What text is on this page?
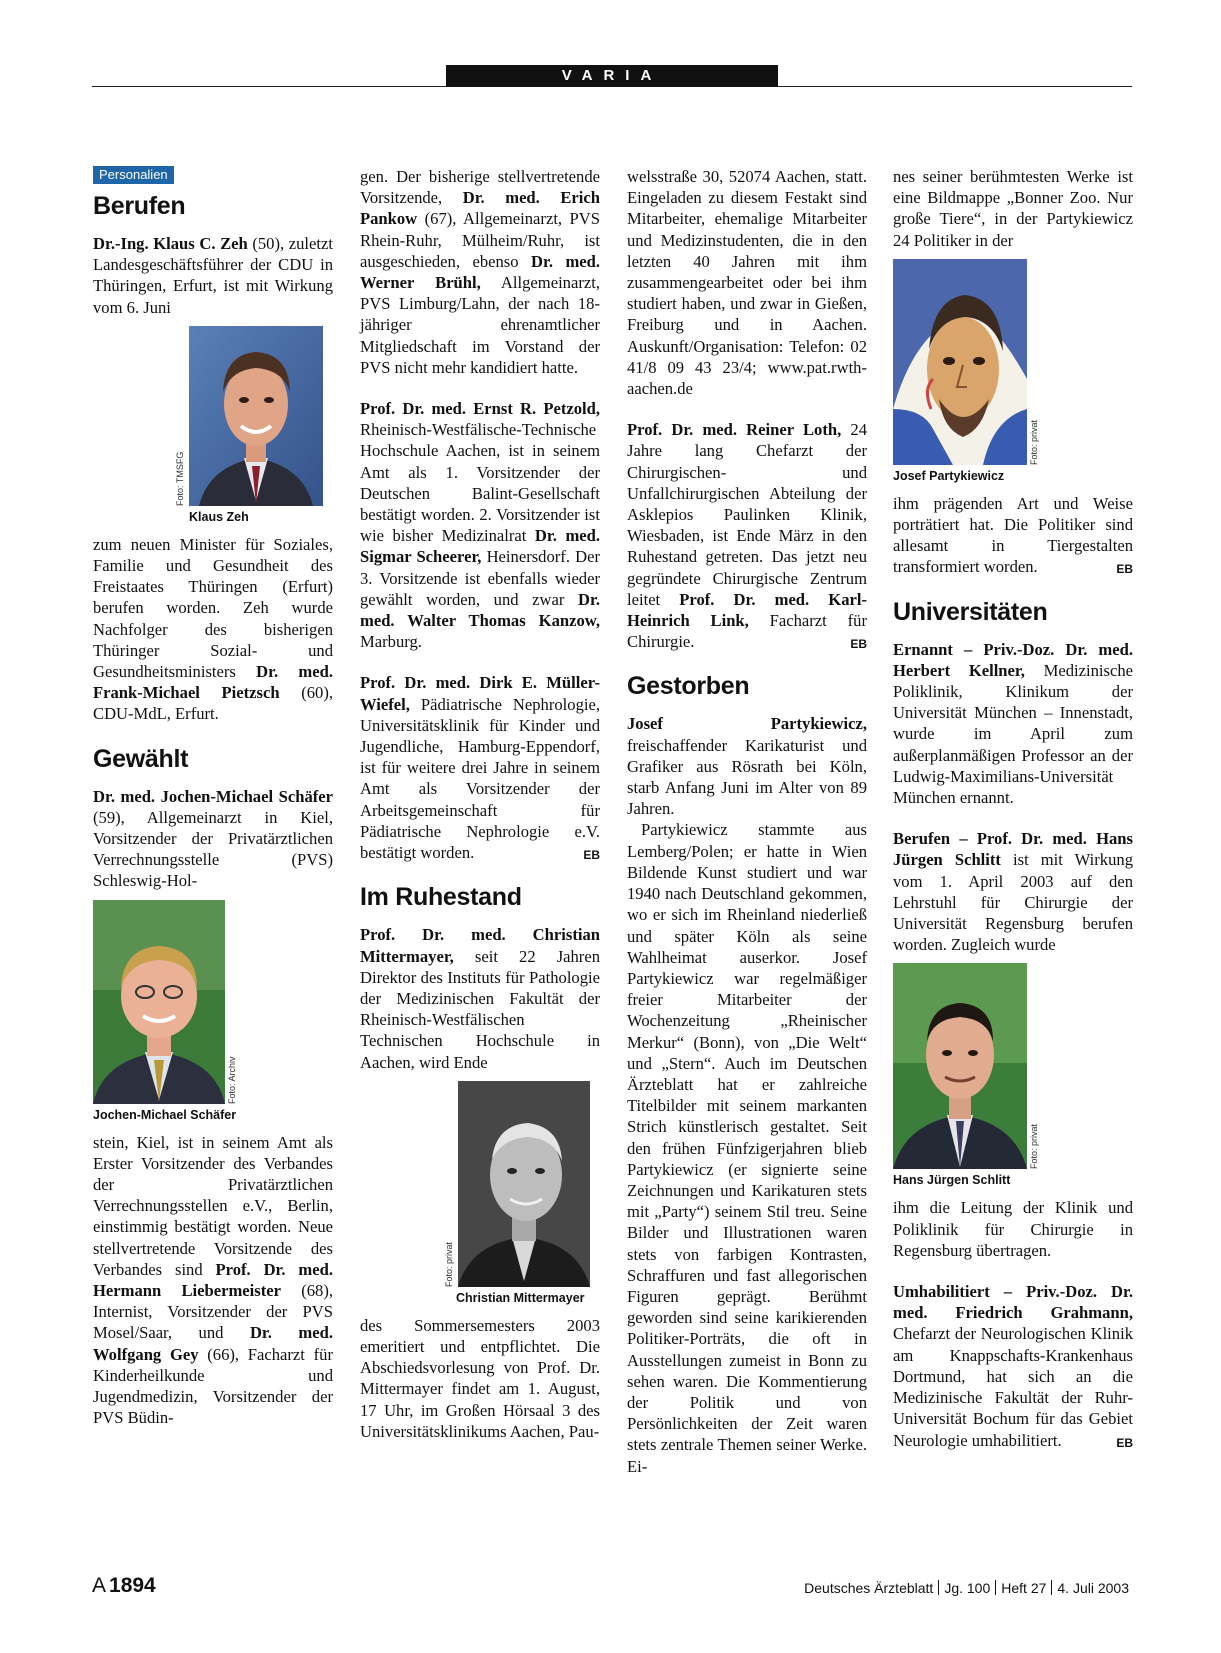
VARIA
Personalien
Berufen

Dr.-Ing. Klaus C. Zeh (50), zuletzt Landesgeschäftsführer der CDU in Thüringen, Erfurt, ist mit Wirkung vom 6. Juni

Foto: TMSFG
Klaus Zeh

zum neuen Minister für Soziales, Familie und Gesundheit des Freistaates Thüringen (Erfurt) berufen worden. Zeh wurde Nachfolger des bisherigen Thüringer Sozial- und Gesundheitsministers Dr. med. Frank-Michael Pietzsch (60), CDU-MdL, Erfurt.

Gewählt

Dr. med. Jochen-Michael Schäfer (59), Allgemeinarzt in Kiel, Vorsitzender der Privatärztlichen Verrechnungsstelle (PVS) Schleswig-Hol-

Foto: Archiv
Jochen-Michael Schäfer

stein, Kiel, ist in seinem Amt als Erster Vorsitzender des Verbandes der Privatärztlichen Verrechnungsstellen e.V., Berlin, einstimmig bestätigt worden. Neue stellvertretende Vorsitzende des Verbandes sind Prof. Dr. med. Hermann Liebermeister (68), Internist, Vorsitzender der PVS Mosel/Saar, und Dr. med. Wolfgang Gey (66), Facharzt für Kinderheilkunde und Jugendmedizin, Vorsitzender der PVS Büdin-

gen. Der bisherige stellvertretende Vorsitzende, Dr. med. Erich Pankow (67), Allgemeinarzt, PVS Rhein-Ruhr, Mülheim/Ruhr, ist ausgeschieden, ebenso Dr. med. Werner Brühl, Allgemeinarzt, PVS Limburg/Lahn, der nach 18-jähriger ehrenamtlicher Mitgliedschaft im Vorstand der PVS nicht mehr kandidiert hatte.

Prof. Dr. med. Ernst R. Petzold, Rheinisch-Westfälische-Technische Hochschule Aachen, ist in seinem Amt als 1. Vorsitzender der Deutschen Balint-Gesellschaft bestätigt worden. 2. Vorsitzender ist wie bisher Medizinalrat Dr. med. Sigmar Scheerer, Heinersdorf. Der 3. Vorsitzende ist ebenfalls wieder gewählt worden, und zwar Dr. med. Walter Thomas Kanzow, Marburg.

Prof. Dr. med. Dirk E. Müller-Wiefel, Pädiatrische Nephrologie, Universitätsklinik für Kinder und Jugendliche, Hamburg-Eppendorf, ist für weitere drei Jahre in seinem Amt als Vorsitzender der Arbeitsgemeinschaft für Pädiatrische Nephrologie e.V. bestätigt worden.	EB

Im Ruhestand

Prof. Dr. med. Christian Mittermayer, seit 22 Jahren Direktor des Instituts für Pathologie der Medizinischen Fakultät der Rheinisch-Westfälischen Technischen Hochschule in Aachen, wird Ende

Foto: privat
Christian Mittermayer

des Sommersemesters 2003 emeritiert und entpflichtet. Die Abschiedsvorlesung von Prof. Dr. Mittermayer findet am 1. August, 17 Uhr, im Großen Hörsaal 3 des Universitätsklinikums Aachen, Pau-

welsstraße 30, 52074 Aachen, statt. Eingeladen zu diesem Festakt sind Mitarbeiter, ehemalige Mitarbeiter und Medizinstudenten, die in den letzten 40 Jahren mit ihm zusammengearbeitet oder bei ihm studiert haben, und zwar in Gießen, Freiburg und in Aachen. Auskunft/Organisation: Telefon: 02 41/8 09 43 23/4; www.pat.rwth-aachen.de

Prof. Dr. med. Reiner Loth, 24 Jahre lang Chefarzt der Chirurgischen- und Unfallchirurgischen Abteilung der Asklepios Paulinken Klinik, Wiesbaden, ist Ende März in den Ruhestand getreten. Das jetzt neu gegründete Chirurgische Zentrum leitet Prof. Dr. med. Karl-Heinrich Link, Facharzt für Chirurgie.	EB

Gestorben

Josef Partykiewicz, freischaffender Karikaturist und Grafiker aus Rösrath bei Köln, starb Anfang Juni im Alter von 89 Jahren.

Partykiewicz stammte aus Lemberg/Polen; er hatte in Wien Bildende Kunst studiert und war 1940 nach Deutschland gekommen, wo er sich im Rheinland niederließ und später Köln als seine Wahlheimat auserkor. Josef Partykiewicz war regelmäßiger freier Mitarbeiter der Wochenzeitung „Rheinischer Merkur“ (Bonn), von „Die Welt“ und „Stern“. Auch im Deutschen Ärzteblatt hat er zahlreiche Titelbilder mit seinem markanten Strich künstlerisch gestaltet. Seit den frühen Fünfzigerjahren blieb Partykiewicz (er signierte seine Zeichnungen und Karikaturen stets mit „Party“) seinem Stil treu. Seine Bilder und Illustrationen waren stets von farbigen Kontrasten, Schraffuren und fast allegorischen Figuren geprägt. Berühmt geworden sind seine karikierenden Politiker-Porträts, die oft in Ausstellungen zumeist in Bonn zu sehen waren. Die Kommentierung der Politik und von Persönlichkeiten der Zeit waren stets zentrale Themen seiner Werke. Ei-

nes seiner berühmtesten Werke ist eine Bildmappe „Bonner Zoo. Nur große Tiere“, in der Partykiewicz 24 Politiker in der

Foto: privat
Josef Partykiewicz

ihm prägenden Art und Weise porträtiert hat. Die Politiker sind allesamt in Tiergestalten transformiert worden.	EB

Universitäten

Ernannt – Priv.-Doz. Dr. med. Herbert Kellner, Medizinische Poliklinik, Klinikum der Universität München – Innenstadt, wurde im April zum außerplanmäßigen Professor an der Ludwig-Maximilians-Universität München ernannt.

Berufen – Prof. Dr. med. Hans Jürgen Schlitt ist mit Wirkung vom 1. April 2003 auf den Lehrstuhl für Chirurgie der Universität Regensburg berufen worden. Zugleich wurde

Foto: privat
Hans Jürgen Schlitt

ihm die Leitung der Klinik und Poliklinik für Chirurgie in Regensburg übertragen.

Umhabilitiert – Priv.-Doz. Dr. med. Friedrich Grahmann, Chefarzt der Neurologischen Klinik am Knappschafts-Krankenhaus Dortmund, hat sich an die Medizinische Fakultät der Ruhr-Universität Bochum für das Gebiet Neurologie umhabilitiert.	EB

A 1894	Deutsches Ärzteblatt Jg. 100 Heft 27 4. Juli 2003
